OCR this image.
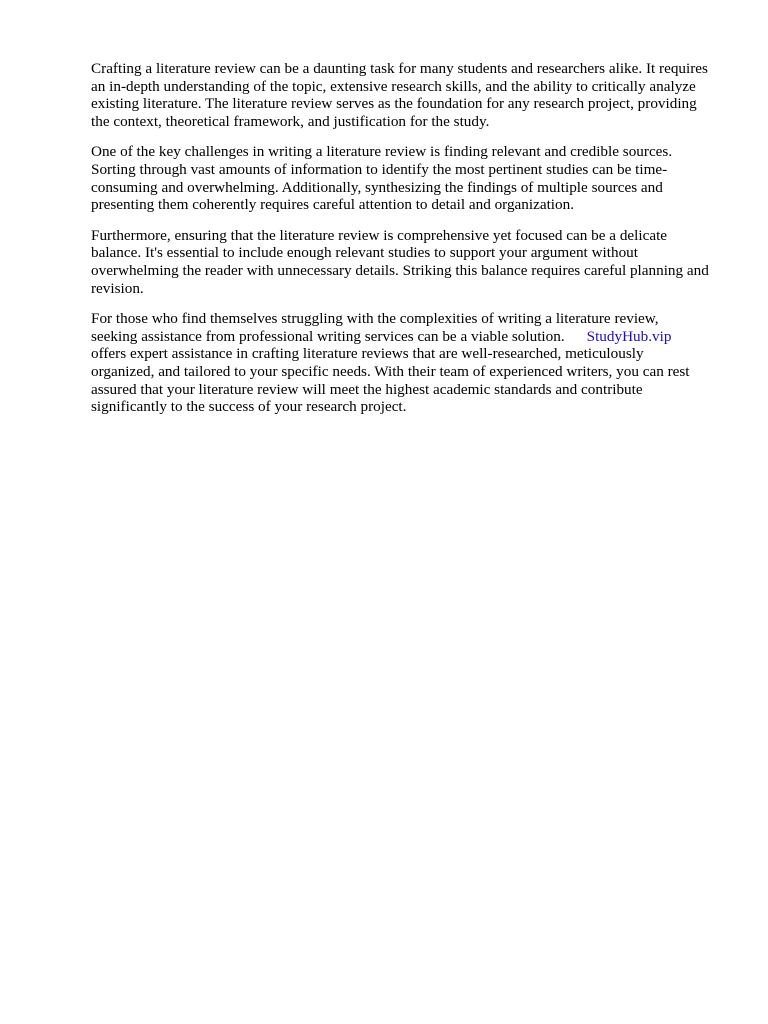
Crafting a literature review can be a daunting task for many students and researchers alike. It requires
an in-depth understanding of the topic, extensive research skills, and the ability to critically analyze
existing literature. The literature review serves as the foundation for any research project, providing
the context, theoretical framework, and justification for the study.

One of the key challenges in writing a literature review is finding relevant and credible sources.
Sorting through vast amounts of information to identify the most pertinent studies can be time-
consuming and overwhelming. Additionally, synthesizing the findings of multiple sources and
presenting them coherently requires careful attention to detail and organization.

Furthermore, ensuring that the literature review is comprehensive yet focused can be a delicate
balance. It's essential to include enough relevant studies to support your argument without
overwhelming the reader with unnecessary details. Striking this balance requires careful planning and
revision.

For those who find themselves struggling with the complexities of writing a literature review,
seeking assistance from professional writing services can be a viable solution. StudyHub.vip
offers expert assistance in crafting literature reviews that are well-researched, meticulously
organized, and tailored to your specific needs. With their team of experienced writers, you can rest
assured that your literature review will meet the highest academic standards and contribute
significantly to the success of your research project.
